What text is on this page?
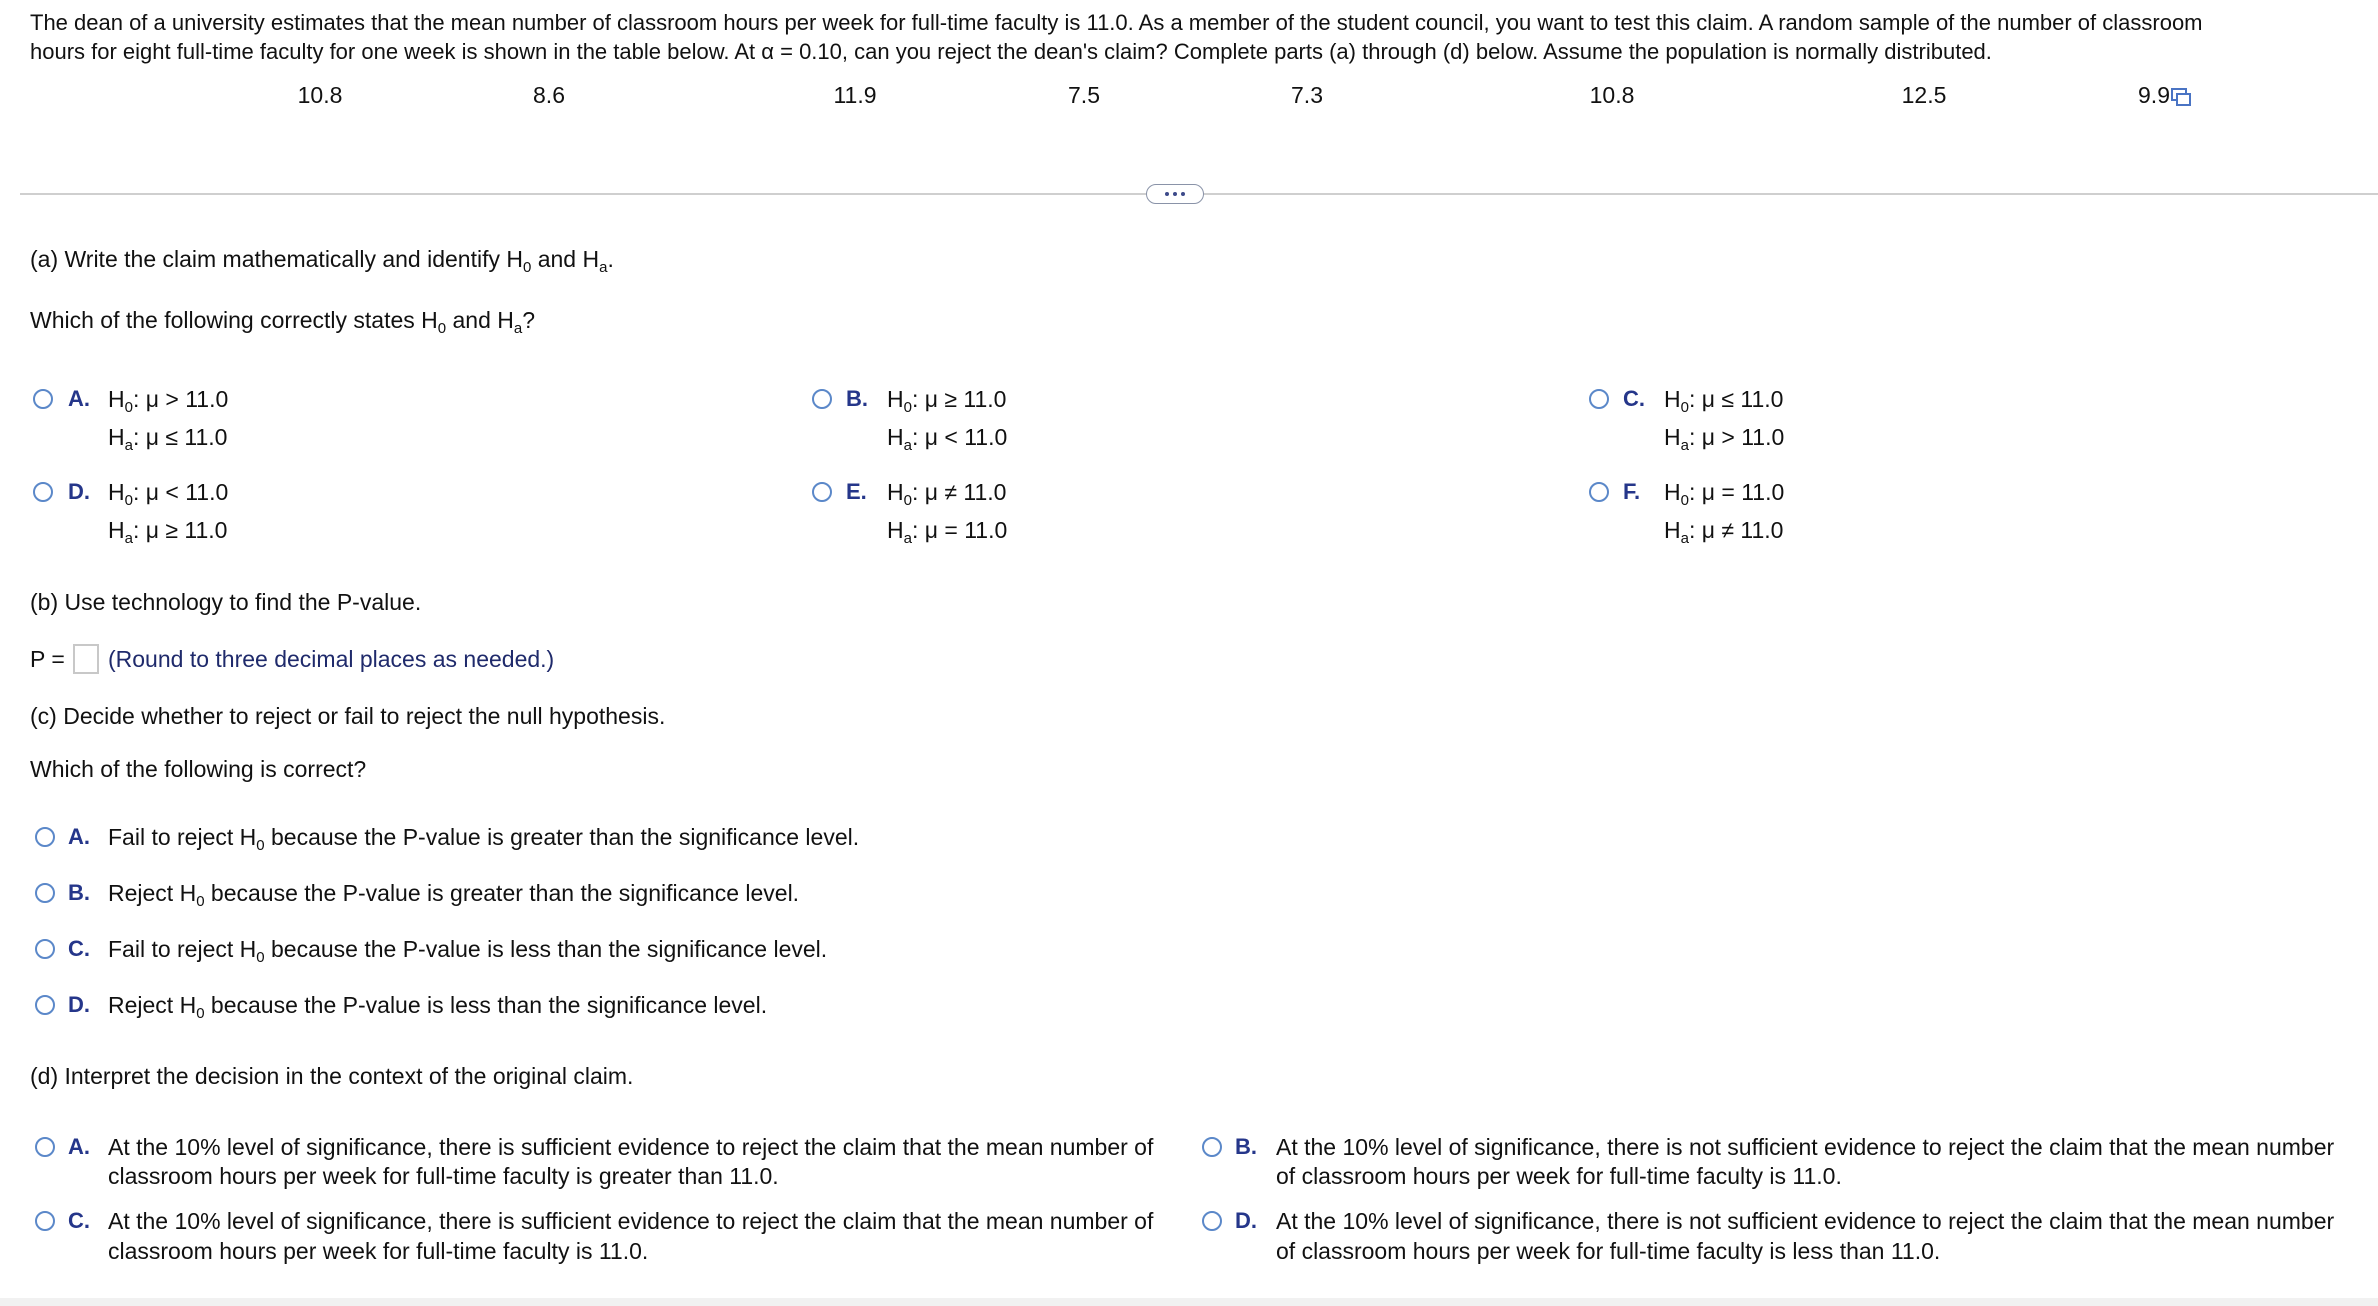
The dean of a university estimates that the mean number of classroom hours per week for full-time faculty is 11.0. As a member of the student council, you want to test this claim. A random sample of the number of classroom
hours for eight full-time faculty for one week is shown in the table below. At α = 0.10, can you reject the dean's claim? Complete parts (a) through (d) below. Assume the population is normally distributed.
10.8	8.6	11.9	7.5	7.3	10.8	12.5	9.9
(a) Write the claim mathematically and identify $H_0$ and $H_a$.
Which of the following correctly states $H_0$ and $H_a$?
A. $H_0$: μ > 11.0
$H_a$: μ ≤ 11.0
B. $H_0$: μ ≥ 11.0
$H_a$: μ < 11.0
C. $H_0$: μ ≤ 11.0
$H_a$: μ > 11.0
D. $H_0$: μ < 11.0
$H_a$: μ ≥ 11.0
E. $H_0$: μ ≠ 11.0
$H_a$: μ = 11.0
F. $H_0$: μ = 11.0
$H_a$: μ ≠ 11.0
(b) Use technology to find the P-value.
P = (Round to three decimal places as needed.)
(c) Decide whether to reject or fail to reject the null hypothesis.
Which of the following is correct?
A. Fail to reject $H_0$ because the P-value is greater than the significance level.
B. Reject $H_0$ because the P-value is greater than the significance level.
C. Fail to reject $H_0$ because the P-value is less than the significance level.
D. Reject $H_0$ because the P-value is less than the significance level.
(d) Interpret the decision in the context of the original claim.
A. At the 10% level of significance, there is sufficient evidence to reject the claim that the mean number of
classroom hours per week for full-time faculty is greater than 11.0.
B. At the 10% level of significance, there is not sufficient evidence to reject the claim that the mean number
of classroom hours per week for full-time faculty is 11.0.
C. At the 10% level of significance, there is sufficient evidence to reject the claim that the mean number of
classroom hours per week for full-time faculty is 11.0.
D. At the 10% level of significance, there is not sufficient evidence to reject the claim that the mean number
of classroom hours per week for full-time faculty is less than 11.0.
